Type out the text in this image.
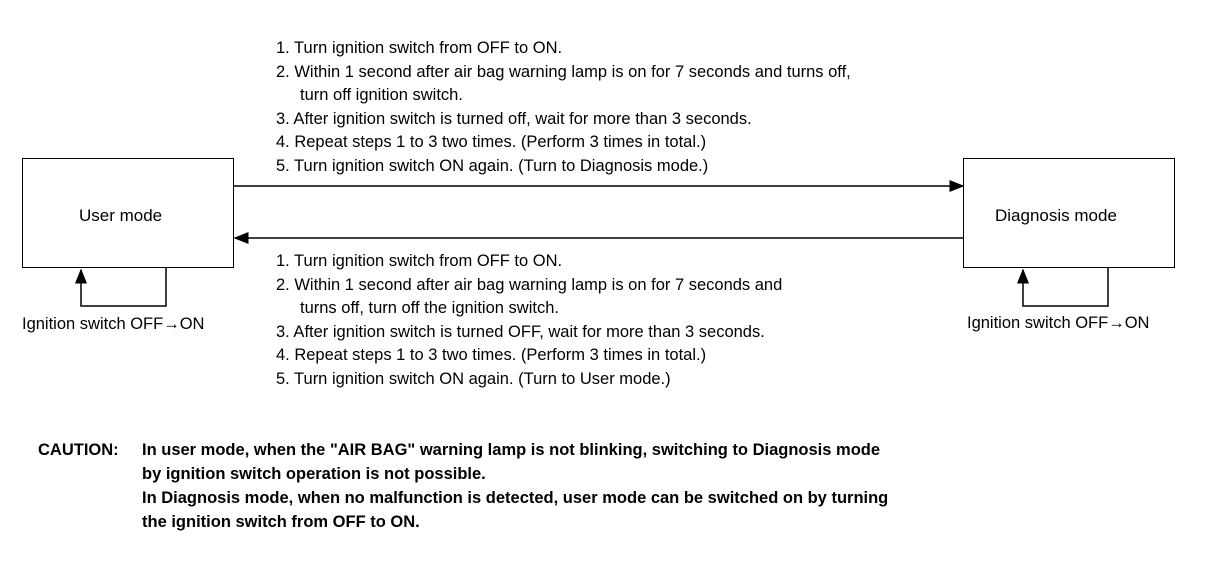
User mode	Diagnosis mode
1. Turn ignition switch from OFF to ON.
2. Within 1 second after air bag warning lamp is on for 7 seconds and turns off,
turn off ignition switch.
3. After ignition switch is turned off, wait for more than 3 seconds.
4. Repeat steps 1 to 3 two times. (Perform 3 times in total.)
5. Turn ignition switch ON again. (Turn to Diagnosis mode.)
1. Turn ignition switch from OFF to ON.
2. Within 1 second after air bag warning lamp is on for 7 seconds and
turns off, turn off the ignition switch.
3. After ignition switch is turned OFF, wait for more than 3 seconds.
4. Repeat steps 1 to 3 two times. (Perform 3 times in total.)
5. Turn ignition switch ON again. (Turn to User mode.)
Ignition switch OFF→ON	Ignition switch OFF→ON
CAUTION: In user mode, when the "AIR BAG" warning lamp is not blinking, switching to Diagnosis mode
by ignition switch operation is not possible.
In Diagnosis mode, when no malfunction is detected, user mode can be switched on by turning
the ignition switch from OFF to ON.
